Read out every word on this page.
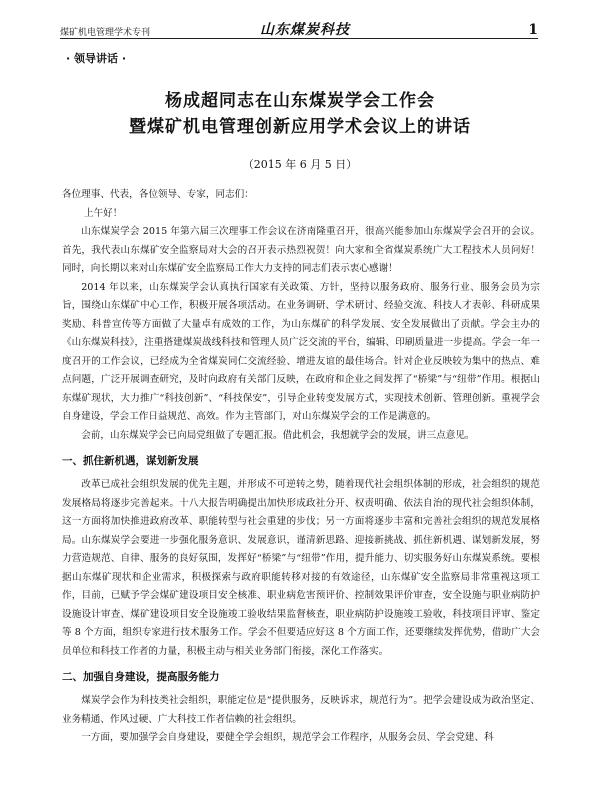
煤矿机电管理学术专刊	山东煤炭科技	1
· 领导讲话 ·
杨成超同志在山东煤炭学会工作会
暨煤矿机电管理创新应用学术会议上的讲话
（2015 年 6 月 5 日）

各位理事、代表，各位领导、专家，同志们：

上午好！

山东煤炭学会 2015 年第六届三次理事工作会议在济南隆重召开，很高兴能参加山东煤炭学会召开的会议。首先，我代表山东煤矿安全监察局对大会的召开表示热烈祝贺！向大家和全省煤炭系统广大工程技术人员问好！同时，向长期以来对山东煤矿安全监察局工作大力支持的同志们表示衷心感谢！

2014 年以来，山东煤炭学会认真执行国家有关政策、方针，坚持以服务政府、服务行业、服务会员为宗旨，围绕山东煤矿中心工作，积极开展各项活动。在业务调研、学术研讨、经验交流、科技人才表彰、科研成果奖励、科普宣传等方面做了大量卓有成效的工作，为山东煤矿的科学发展、安全发展做出了贡献。学会主办的《山东煤炭科技》，注重搭建煤炭战线科技和管理人员广泛交流的平台，编辑、印刷质量进一步提高。学会一年一度召开的工作会议，已经成为全省煤炭同仁交流经验、增进友谊的最佳场合。针对企业反映较为集中的热点、难点问题，广泛开展调查研究，及时向政府有关部门反映，在政府和企业之间发挥了“桥梁”与“纽带”作用。根据山东煤矿现状，大力推广“科技创新”、“科技保安”，引导企业转变发展方式，实现技术创新、管理创新。重视学会自身建设，学会工作日益规范、高效。作为主管部门，对山东煤炭学会的工作是满意的。

会前，山东煤炭学会已向局党组做了专题汇报。借此机会，我想就学会的发展，讲三点意见。

一、抓住新机遇，谋划新发展

改革已成社会组织发展的优先主题，并形成不可逆转之势，随着现代社会组织体制的形成，社会组织的规范发展格局将逐步完善起来。十八大报告明确提出加快形成政社分开、权责明确、依法自治的现代社会组织体制，这一方面将加快推进政府改革、职能转型与社会重建的步伐；另一方面将逐步丰富和完善社会组织的规范发展格局。山东煤炭学会要进一步强化服务意识、发展意识，谨清新思路、迎接新挑战、抓住新机遇、谋划新发展，努力营造规范、自律、服务的良好氛围，发挥好“桥梁”与“纽带”作用，提升能力、切实服务好山东煤炭系统。要根据山东煤矿现状和企业需求，积极探索与政府职能转移对接的有效途径，山东煤矿安全监察局非常重视这项工作，目前，已赋予学会煤矿建设项目安全核准、职业病危害预评价、控制效果评价审查，安全设施与职业病防护设施设计审查、煤矿建设项目安全设施竣工验收结果监督核查，职业病防护设施竣工验收，科技项目评审、鉴定等 8 个方面，组织专家进行技术服务工作。学会不但要适应好这 8 个方面工作，还要继续发挥优势，借助广大会员单位和科技工作者的力量，积极主动与相关业务部门衔接，深化工作落实。

二、加强自身建设，提高服务能力

煤炭学会作为科技类社会组织，职能定位是“提供服务，反映诉求，规范行为”。把学会建设成为政治坚定、业务精通、作风过硬、广大科技工作者信赖的社会组织。

一方面，要加强学会自身建设，要健全学会组织，规范学会工作程序，从服务会员、学会党建、科
